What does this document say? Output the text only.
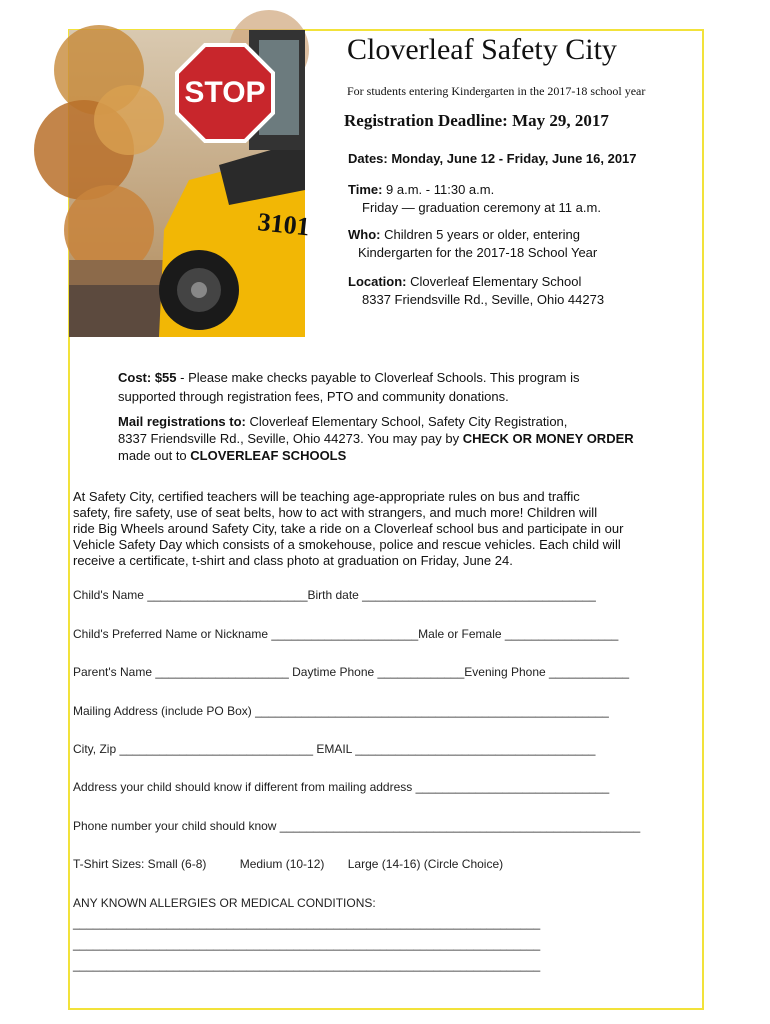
3101
STOP
Cloverleaf Safety City
For students entering Kindergarten in the 2017-18 school year
Registration Deadline: May 29, 2017
Dates: Monday, June 12 - Friday, June 16, 2017
Time: 9 a.m. - 11:30 a.m.
Friday — graduation ceremony at 11 a.m.
Who: Children 5 years or older, entering
Kindergarten for the 2017-18 School Year
Location: Cloverleaf Elementary School
8337 Friendsville Rd., Seville, Ohio 44273
Cost: $55 - Please make checks payable to Cloverleaf Schools. This program is
supported through registration fees, PTO and community donations.
Mail registrations to: Cloverleaf Elementary School, Safety City Registration,
8337 Friendsville Rd., Seville, Ohio 44273. You may pay by CHECK OR MONEY ORDER
made out to CLOVERLEAF SCHOOLS
At Safety City, certified teachers will be teaching age-appropriate rules on bus and traffic
safety, fire safety, use of seat belts, how to act with strangers, and much more! Children will
ride Big Wheels around Safety City, take a ride on a Cloverleaf school bus and participate in our
Vehicle Safety Day which consists of a smokehouse, police and rescue vehicles. Each child will
receive a certificate, t-shirt and class photo at graduation on Friday, June 24.
Child's Name ________________________Birth date ___________________________________
Child's Preferred Name or Nickname ______________________Male or Female _________________
Parent's Name ____________________ Daytime Phone _____________Evening Phone ____________
Mailing Address (include PO Box) _____________________________________________________
City, Zip _____________________________ EMAIL ____________________________________
Address your child should know if different from mailing address _____________________________
Phone number your child should know ______________________________________________________
T-Shirt Sizes: Small (6-8)	Medium (10-12) Large (14-16) (Circle Choice)
ANY KNOWN ALLERGIES OR MEDICAL CONDITIONS:
______________________________________________________________________
______________________________________________________________________
______________________________________________________________________
